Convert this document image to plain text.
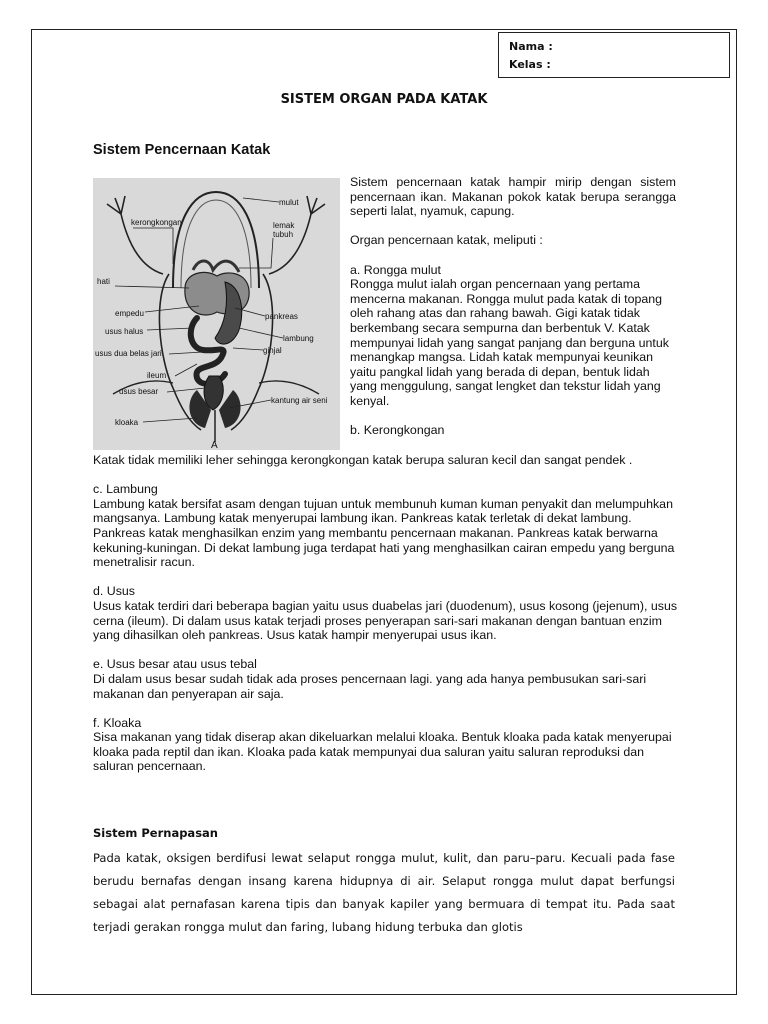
Nama :
Kelas :
SISTEM ORGAN PADA KATAK
Sistem Pencernaan Katak
mulut
kerongkongan	lemak
tubuh
hati
empedu	pankreas
usus halus
lambung
usus dua belas jari
ileum
ginjal
usus besar
kantung air seni
kloaka
A

Sistem pencernaan katak hampir mirip dengan sistem pencernaan ikan. Makanan pokok katak berupa serangga seperti lalat, nyamuk, capung.

Organ pencernaan katak, meliputi :

a. Rongga mulut

Rongga mulut ialah organ pencernaan yang pertama mencerna makanan. Rongga mulut pada katak di topang oleh rahang atas dan rahang bawah. Gigi katak tidak berkembang secara sempurna dan berbentuk V. Katak mempunyai lidah yang sangat panjang dan berguna untuk menangkap mangsa. Lidah katak mempunyai keunikan yaitu pangkal lidah yang berada di depan, bentuk lidah yang menggulung, sangat lengket dan tekstur lidah yang kenyal.

b. Kerongkongan

Katak tidak memiliki leher sehingga kerongkongan katak berupa saluran kecil dan sangat pendek .

c. Lambung

Lambung katak bersifat asam dengan tujuan untuk membunuh kuman kuman penyakit dan melumpuhkan mangsanya. Lambung katak menyerupai lambung ikan. Pankreas katak terletak di dekat lambung. Pankreas katak menghasilkan enzim yang membantu pencernaan makanan. Pankreas katak berwarna kekuning-kuningan. Di dekat lambung juga terdapat hati yang menghasilkan cairan empedu yang berguna menetralisir racun.

d. Usus

Usus katak terdiri dari beberapa bagian yaitu usus duabelas jari (duodenum), usus kosong (jejenum), usus cerna (ileum). Di dalam usus katak terjadi proses penyerapan sari-sari makanan dengan bantuan enzim yang dihasilkan oleh pankreas. Usus katak hampir menyerupai usus ikan.

e. Usus besar atau usus tebal

Di dalam usus besar sudah tidak ada proses pencernaan lagi. yang ada hanya pembusukan sari-sari makanan dan penyerapan air saja.

f. Kloaka

Sisa makanan yang tidak diserap akan dikeluarkan melalui kloaka. Bentuk kloaka pada katak menyerupai kloaka pada reptil dan ikan. Kloaka pada katak mempunyai dua saluran yaitu saluran reproduksi dan saluran pencernaan.

Sistem Pernapasan
Pada katak, oksigen berdifusi lewat selaput rongga mulut, kulit, dan paru–paru. Kecuali pada fase berudu bernafas dengan insang karena hidupnya di air. Selaput rongga mulut dapat berfungsi sebagai alat pernafasan karena tipis dan banyak kapiler yang bermuara di tempat itu. Pada saat terjadi gerakan rongga mulut dan faring, lubang hidung terbuka dan glotis
